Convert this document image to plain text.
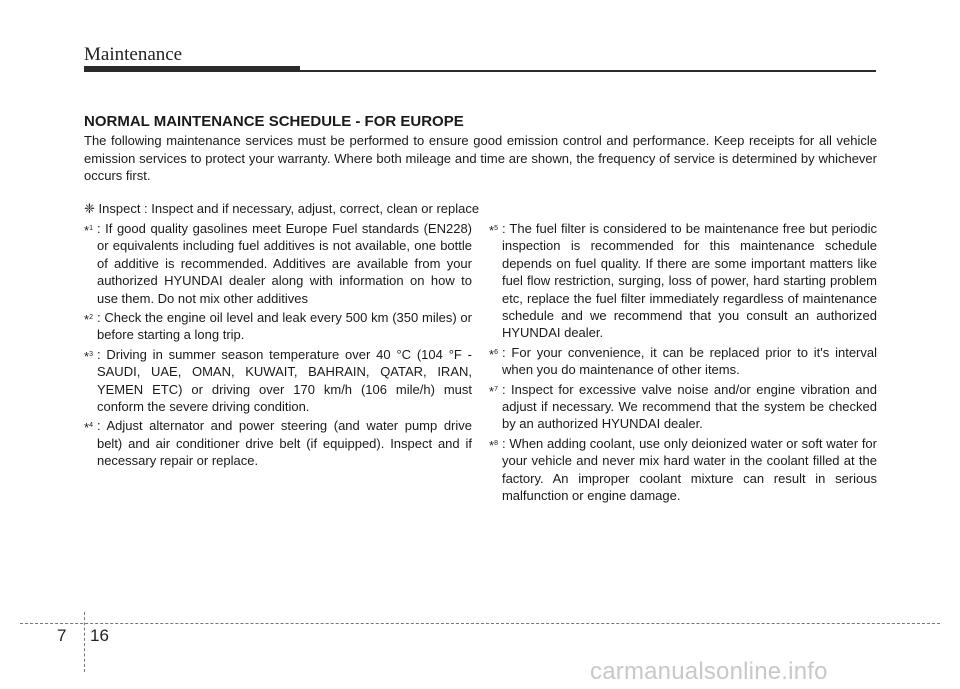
Maintenance
NORMAL MAINTENANCE SCHEDULE - FOR EUROPE

The following maintenance services must be performed to ensure good emission control and performance. Keep receipts for all vehicle emission services to protect your warranty. Where both mileage and time are shown, the frequency of service is determined by whichever occurs first.

❈ Inspect : Inspect and if necessary, adjust, correct, clean or replace
*$^1$ : If good quality gasolines meet Europe Fuel standards (EN228) or equivalents including fuel additives is not available, one bottle of additive is recommended. Additives are available from your authorized HYUNDAI dealer along with information on how to use them. Do not mix other additives
*$^2$ : Check the engine oil level and leak every 500 km (350 miles) or before starting a long trip.
*$^3$ : Driving in summer season temperature over 40 °C (104 °F - SAUDI, UAE, OMAN, KUWAIT, BAHRAIN, QATAR, IRAN, YEMEN ETC) or driving over 170 km/h (106 mile/h) must conform the severe driving condition.
*$^4$ : Adjust alternator and power steering (and water pump drive belt) and air conditioner drive belt (if equipped). Inspect and if necessary repair or replace.
*$^5$ : The fuel filter is considered to be maintenance free but periodic inspection is recommended for this maintenance schedule depends on fuel quality. If there are some important matters like fuel flow restriction, surging, loss of power, hard starting problem etc, replace the fuel filter immediately regardless of maintenance schedule and we recommend that you consult an authorized HYUNDAI dealer.
*$^6$ : For your convenience, it can be replaced prior to it's interval when you do maintenance of other items.
*$^7$ : Inspect for excessive valve noise and/or engine vibration and adjust if necessary. We recommend that the system be checked by an authorized HYUNDAI dealer.
*$^8$ : When adding coolant, use only deionized water or soft water for your vehicle and never mix hard water in the coolant filled at the factory. An improper coolant mixture can result in serious malfunction or engine damage.
7 16
carmanualsonline.info
